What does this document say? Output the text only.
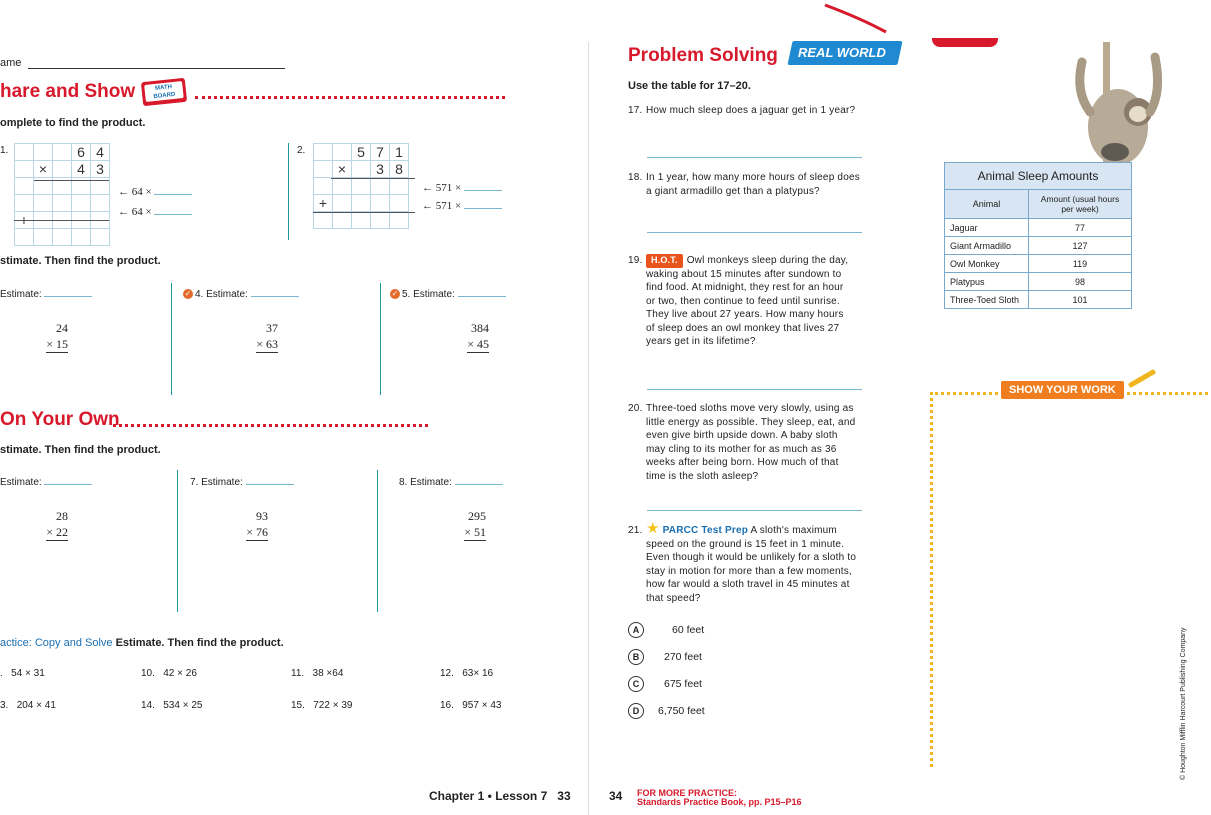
ame
hare and Show	MATH BOARD
omplete to find the product.
1.
				6	4
	×		4	3

+				

← 64 ×
← 64 ×
2.
			5	7	1
	×		3	8

+				

← 571 ×
← 571 ×
stimate. Then find the product.
Estimate:
24
× 15
✓ 4. Estimate:
37
× 63
✓ 5. Estimate:
384
× 45
On Your Own
stimate. Then find the product.
Estimate:
28
× 22
7. Estimate:
93
× 76
8. Estimate:
295
× 51
actice: Copy and Solve Estimate. Then find the product.
. 54 × 31	10. 42 × 26	11. 38 ×64	12. 63× 16
3. 204 × 41	14. 534 × 25	15. 722 × 39	16. 957 × 43
Chapter 1 • Lesson 7 33
Problem Solving	REAL WORLD
Use the table for 17–20.
17. How much sleep does a jaguar get in 1 year?
18. In 1 year, how many more hours of sleep does a giant armadillo get than a platypus?
19. H.O.T. Owl monkeys sleep during the day, waking about 15 minutes after sundown to find food. At midnight, they rest for an hour or two, then continue to feed until sunrise. They live about 27 years. How many hours of sleep does an owl monkey that lives 27 years get in its lifetime?
20. Three-toed sloths move very slowly, using as little energy as possible. They sleep, eat, and even give birth upside down. A baby sloth may cling to its mother for as much as 36 weeks after being born. How much of that time is the sloth asleep?
21. ★ PARCC Test Prep A sloth's maximum speed on the ground is 15 feet in 1 minute. Even though it would be unlikely for a sloth to stay in motion for more than a few moments, how far would a sloth travel in 45 minutes at that speed?
A	60 feet
B	270 feet
C	675 feet
D	6,750 feet
Animal Sleep Amounts	
Animal	Amount (usual hours per week)
Jaguar	77
Giant Armadillo	127
Owl Monkey	119
Platypus	98
Three-Toed Sloth	101
SHOW YOUR WORK
© Houghton Mifflin Harcourt Publishing Company
34 FOR MORE PRACTICE:
Standards Practice Book, pp. P15–P16
